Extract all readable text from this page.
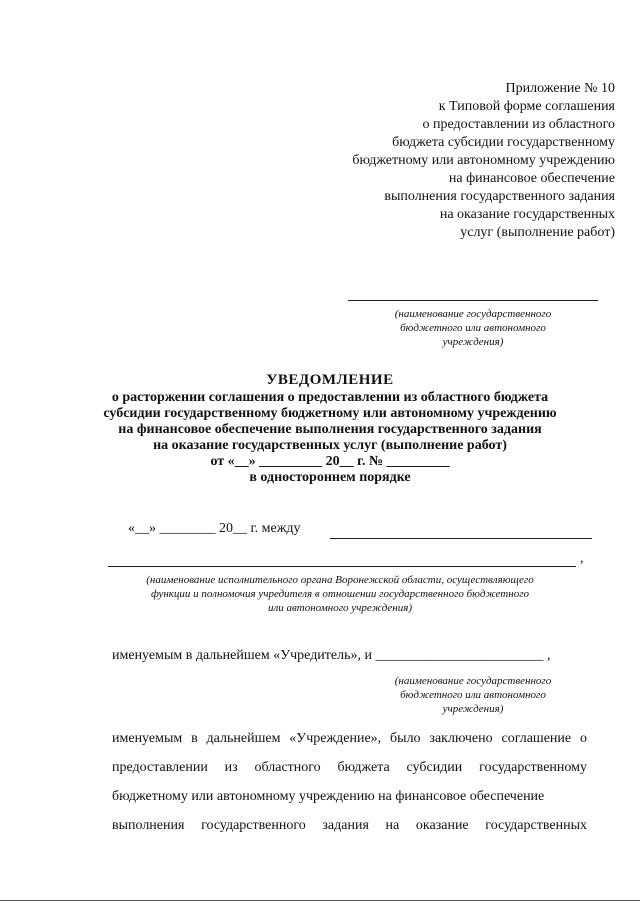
Приложение № 10
к Типовой форме соглашения
о предоставлении из областного
бюджета субсидии государственному
бюджетному или автономному учреждению
на финансовое обеспечение
выполнения государственного задания
на оказание государственных
услуг (выполнение работ)
(наименование государственного
бюджетного или автономного
учреждения)
УВЕДОМЛЕНИЕ
о расторжении соглашения о предоставлении из областного бюджета
субсидии государственному бюджетному или автономному учреждению
на финансовое обеспечение выполнения государственного задания
на оказание государственных услуг (выполнение работ)
от «__» _________ 20__ г. № _________
в одностороннем порядке
«__» ________ 20__ г. между
,
(наименование исполнительного органа Воронежской области, осуществляющего
функции и полномочия учредителя в отношении государственного бюджетного
или автономного учреждения)
именуемым в дальнейшем «Учредитель», и ________________________ ,
(наименование государственного
бюджетного или автономного
учреждения)
именуемым в дальнейшем «Учреждение», было заключено соглашение о
предоставлении из областного бюджета субсидии государственному
бюджетному или автономному учреждению на финансовое обеспечение
выполнения государственного задания на оказание государственных
